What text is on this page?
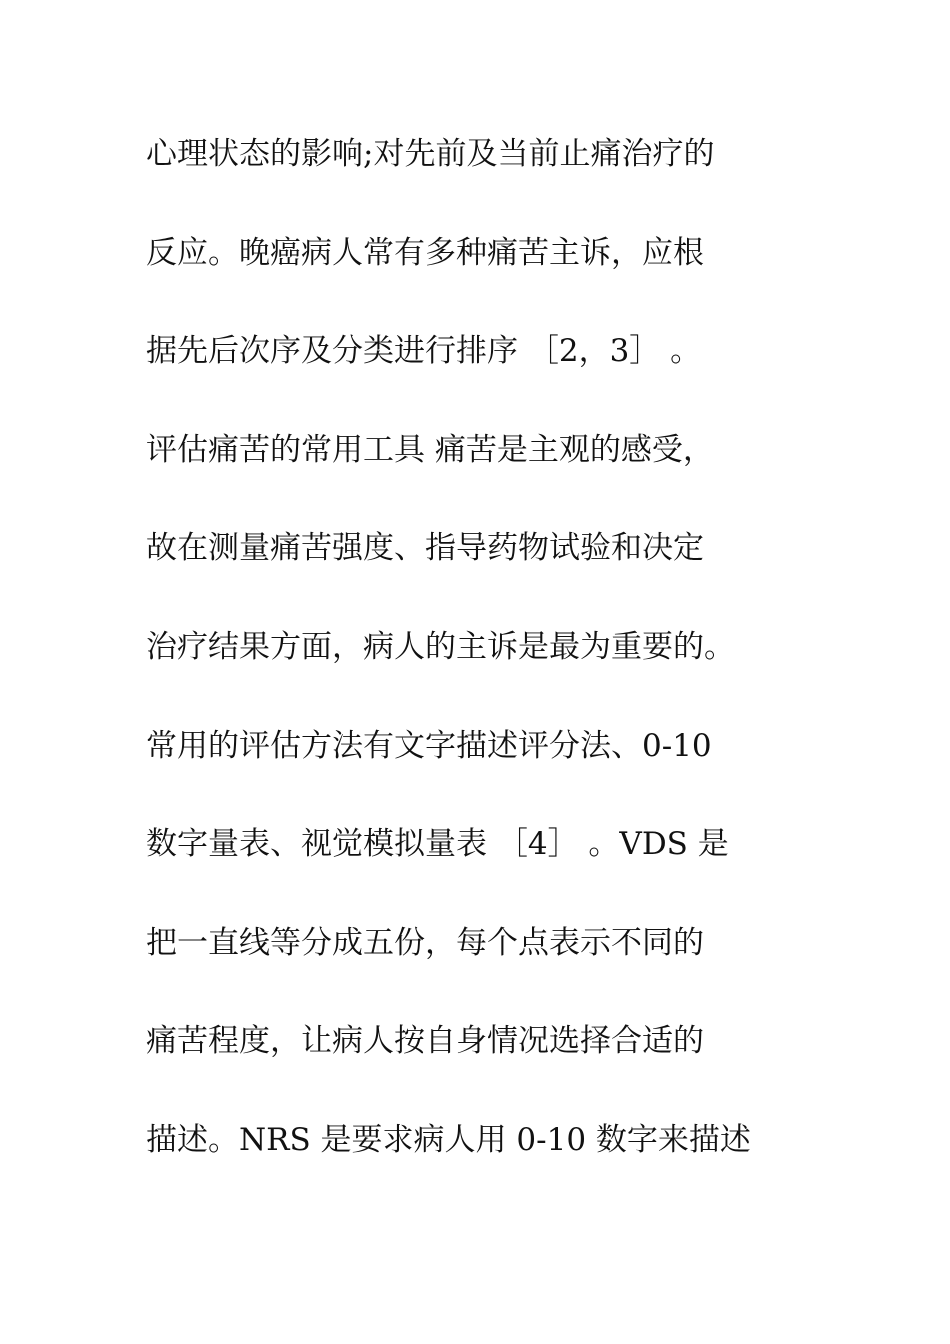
心理状态的影响;对先前及当前止痛治疗的
反应。晚癌病人常有多种痛苦主诉，应根
据先后次序及分类进行排序 ［2，3］ 。
评估痛苦的常用工具 痛苦是主观的感受，
故在测量痛苦强度、指导药物试验和决定
治疗结果方面，病人的主诉是最为重要的。
常用的评估方法有文字描述评分法、0-10
数字量表、视觉模拟量表 ［4］ 。VDS 是
把一直线等分成五份，每个点表示不同的
痛苦程度，让病人按自身情况选择合适的
描述。NRS 是要求病人用 0-10 数字来描述
